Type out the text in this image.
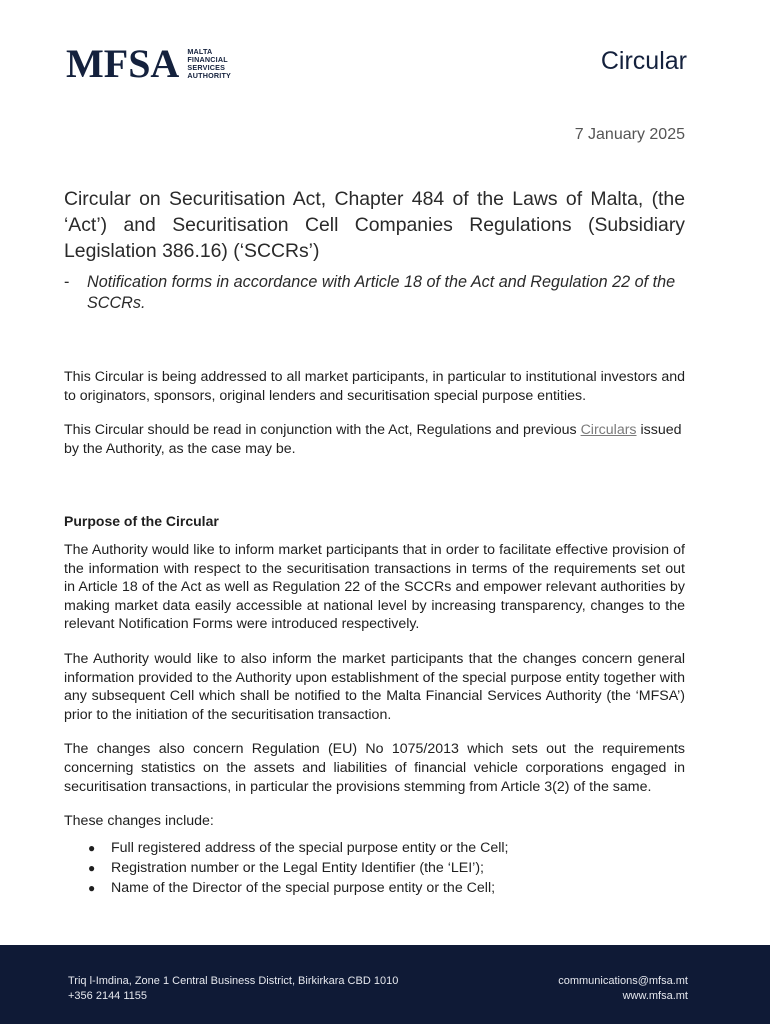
MFSA MALTA
FINANCIAL
SERVICES
AUTHORITY
Circular
7 January 2025
Circular on Securitisation Act, Chapter 484 of the Laws of Malta, (the ‘Act’) and Securitisation Cell Companies Regulations (Subsidiary Legislation 386.16) (‘SCCRs’)
-	Notification forms in accordance with Article 18 of the Act and Regulation 22 of the SCCRs.

This Circular is being addressed to all market participants, in particular to institutional investors and to originators, sponsors, original lenders and securitisation special purpose entities.

This Circular should be read in conjunction with the Act, Regulations and previous Circulars issued by the Authority, as the case may be.

Purpose of the Circular

The Authority would like to inform market participants that in order to facilitate effective provision of the information with respect to the securitisation transactions in terms of the requirements set out in Article 18 of the Act as well as Regulation 22 of the SCCRs and empower relevant authorities by making market data easily accessible at national level by increasing transparency, changes to the relevant Notification Forms were introduced respectively.

The Authority would like to also inform the market participants that the changes concern general information provided to the Authority upon establishment of the special purpose entity together with any subsequent Cell which shall be notified to the Malta Financial Services Authority (the ‘MFSA’) prior to the initiation of the securitisation transaction.

The changes also concern Regulation (EU) No 1075/2013 which sets out the requirements concerning statistics on the assets and liabilities of financial vehicle corporations engaged in securitisation transactions, in particular the provisions stemming from Article 3(2) of the same.

These changes include:

●	Full registered address of the special purpose entity or the Cell;
●	Registration number or the Legal Entity Identifier (the ‘LEI’);
●	Name of the Director of the special purpose entity or the Cell;
Triq l-Imdina, Zone 1 Central Business District, Birkirkara CBD 1010
+356 2144 1155
communications@mfsa.mt
www.mfsa.mt
